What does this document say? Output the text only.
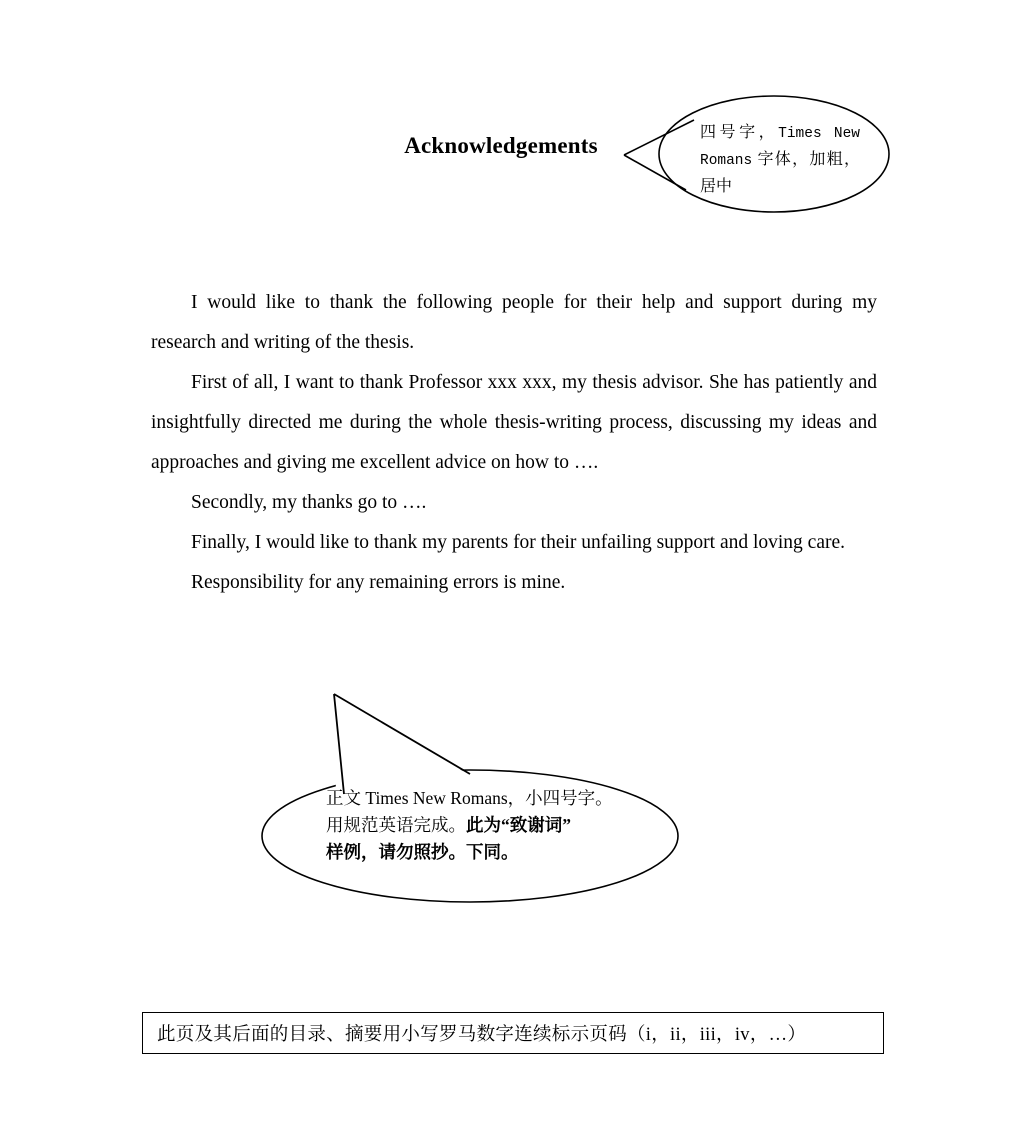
Acknowledgements
四号字，Times New Romans 字体，加粗，居中

I would like to thank the following people for their help and support during my research and writing of the thesis.

First of all, I want to thank Professor xxx xxx, my thesis advisor. She has patiently and insightfully directed me during the whole thesis-writing process, discussing my ideas and approaches and giving me excellent advice on how to ….

Secondly, my thanks go to ….

Finally, I would like to thank my parents for their unfailing support and loving care.

Responsibility for any remaining errors is mine.

正文 Times New Romans，小四号字。
用规范英语完成。此为“致谢词”
样例，请勿照抄。下同。
此页及其后面的目录、摘要用小写罗马数字连续标示页码（i，ii，iii，iv，…）
